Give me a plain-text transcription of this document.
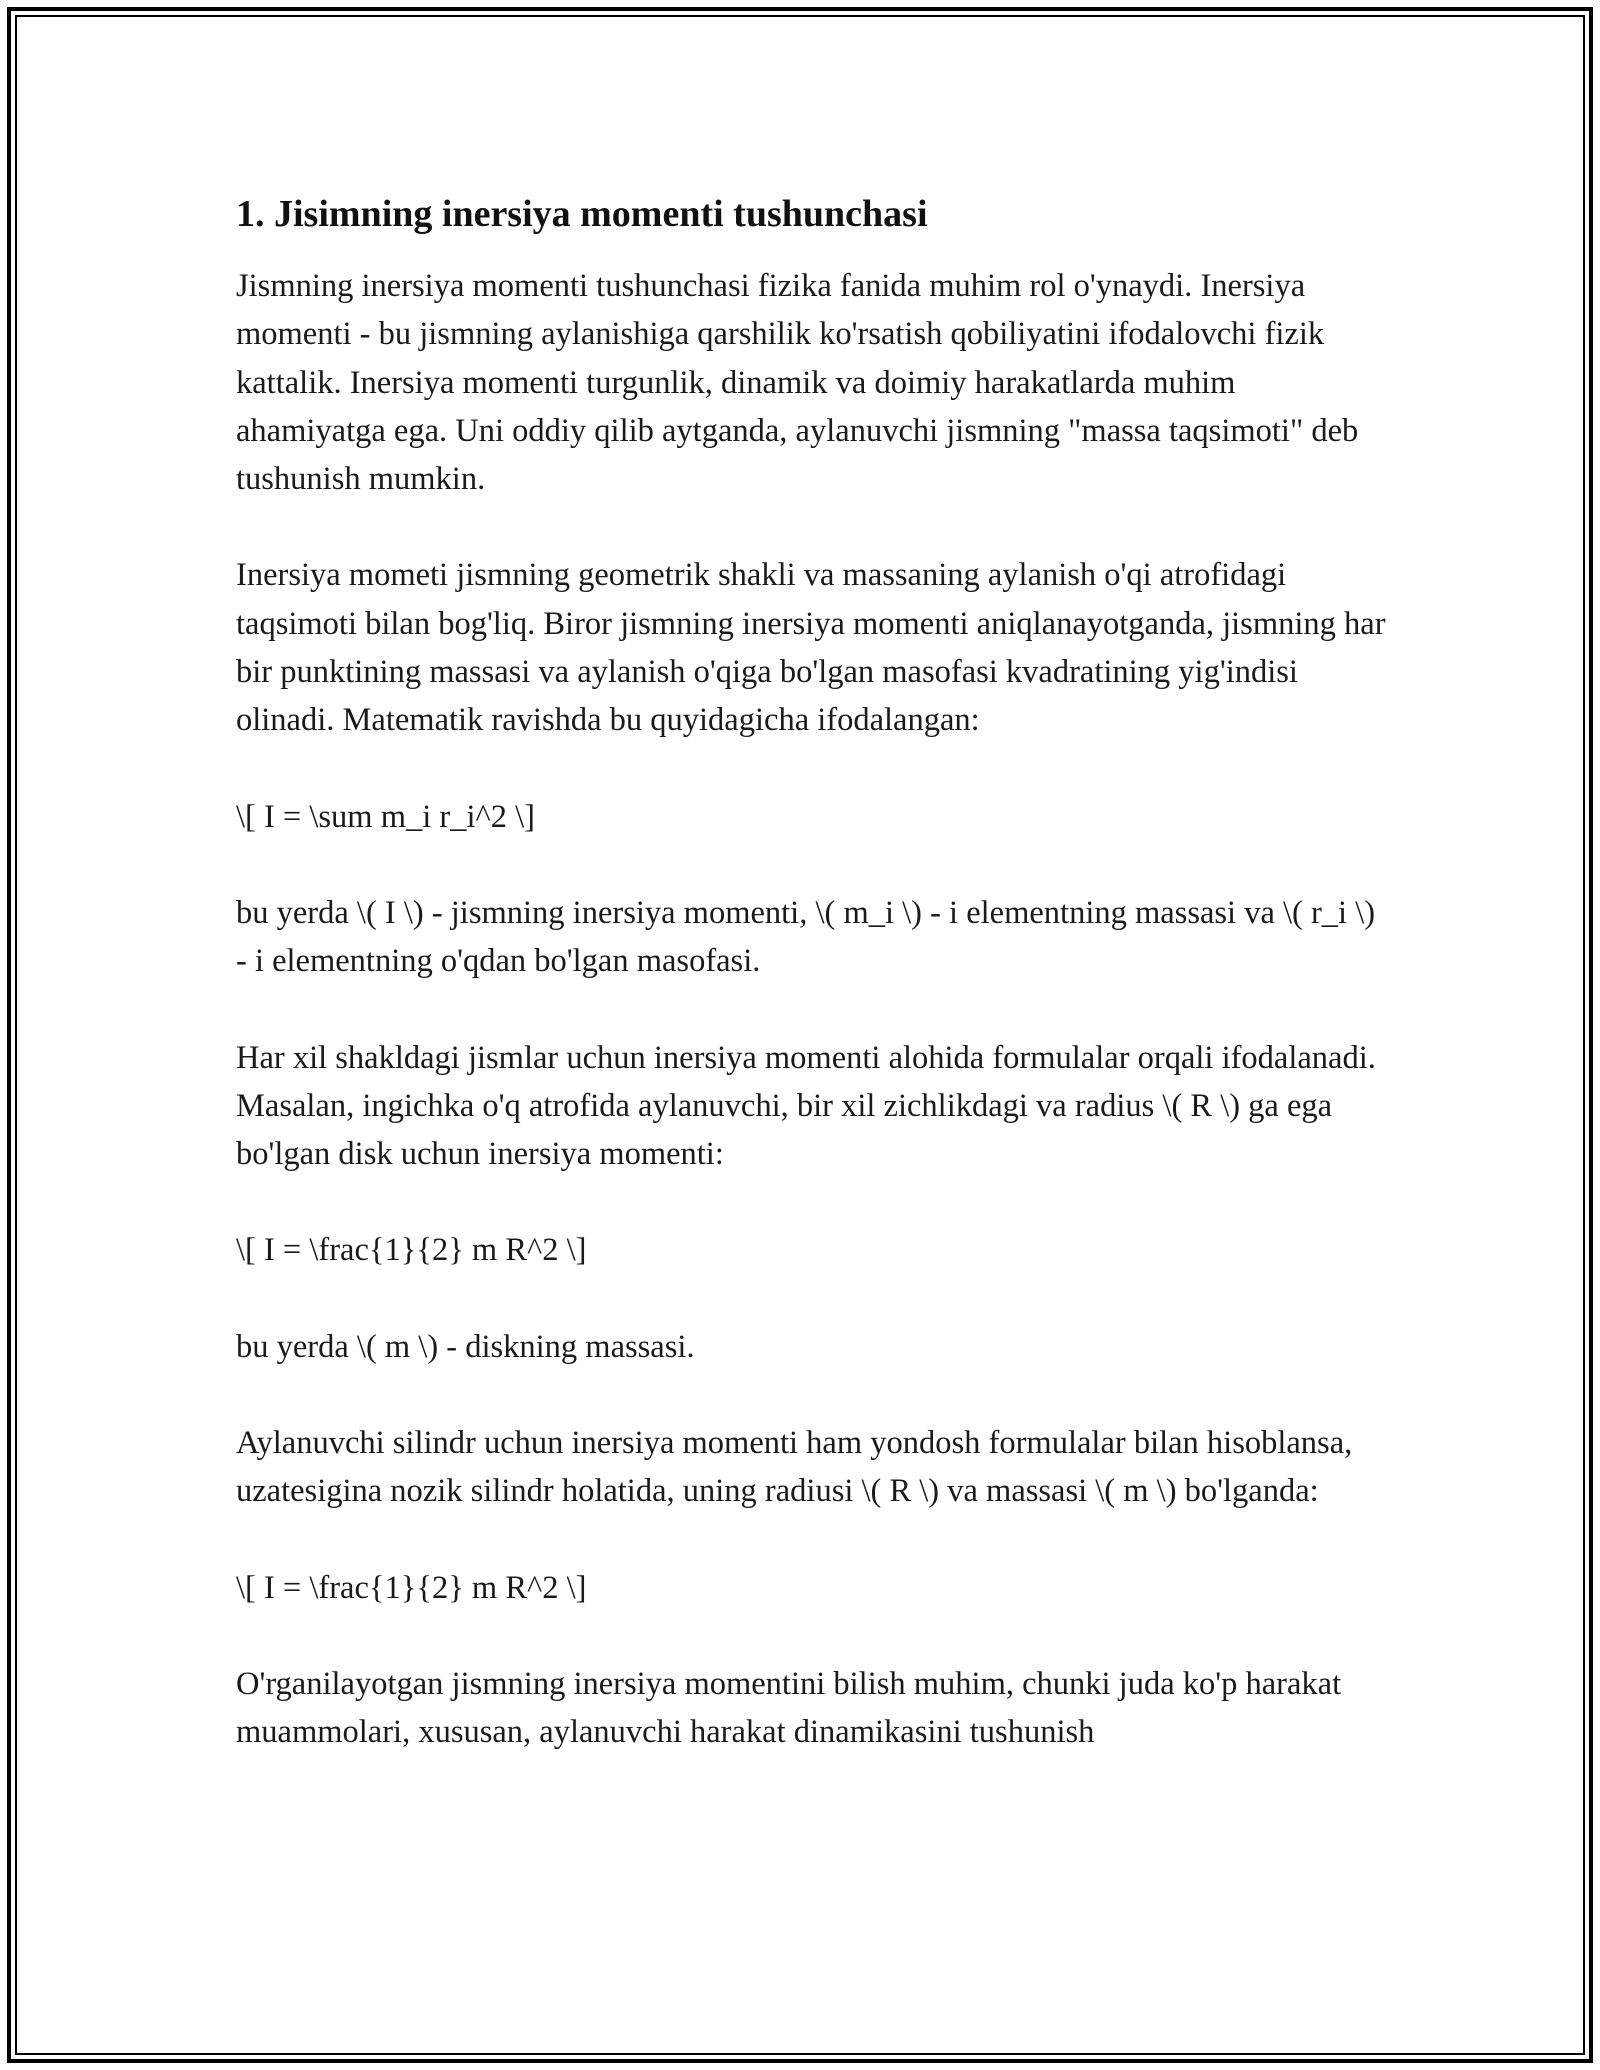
1. Jisimning inersiya momenti tushunchasi

Jismning inersiya momenti tushunchasi fizika fanida muhim rol o'ynaydi. Inersiya momenti - bu jismning aylanishiga qarshilik ko'rsatish qobiliyatini ifodalovchi fizik kattalik. Inersiya momenti turgunlik, dinamik va doimiy harakatlarda muhim ahamiyatga ega. Uni oddiy qilib aytganda, aylanuvchi jismning "massa taqsimoti" deb tushunish mumkin.

Inersiya mometi jismning geometrik shakli va massaning aylanish o'qi atrofidagi taqsimoti bilan bog'liq. Biror jismning inersiya momenti aniqlanayotganda, jismning har bir punktining massasi va aylanish o'qiga bo'lgan masofasi kvadratining yig'indisi olinadi. Matematik ravishda bu quyidagicha ifodalangan:

\[ I = \sum m_i r_i^2 \]

bu yerda \( I \) - jismning inersiya momenti, \( m_i \) - i elementning massasi va \( r_i \) - i elementning o'qdan bo'lgan masofasi.

Har xil shakldagi jismlar uchun inersiya momenti alohida formulalar orqali ifodalanadi. Masalan, ingichka o'q atrofida aylanuvchi, bir xil zichlikdagi va radius \( R \) ga ega bo'lgan disk uchun inersiya momenti:

\[ I = \frac{1}{2} m R^2 \]

bu yerda \( m \) - diskning massasi.

Aylanuvchi silindr uchun inersiya momenti ham yondosh formulalar bilan hisoblansa, uzatesigina nozik silindr holatida, uning radiusi \( R \) va massasi \( m \) bo'lganda:

\[ I = \frac{1}{2} m R^2 \]

O'rganilayotgan jismning inersiya momentini bilish muhim, chunki juda ko'p harakat muammolari, xususan, aylanuvchi harakat dinamikasini tushunish
